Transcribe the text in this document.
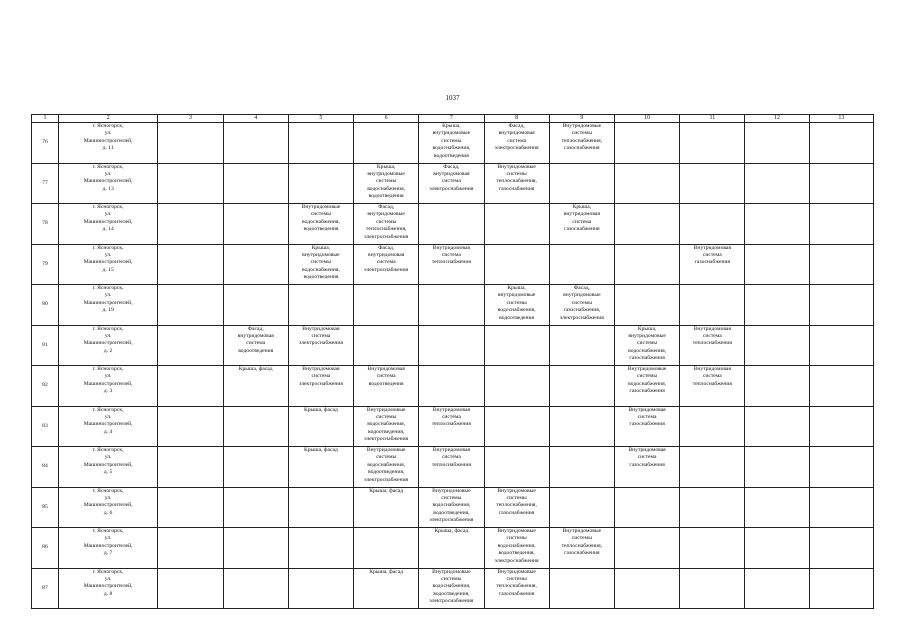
1037
1	2	3	4	5	6	7	8	9	10	11	12	13
76	г. Ясногорск,
ул.
Машиностроителей,
д. 11					Крыша,
внутридомовые
системы
водоснабжения,
водоотведения	Фасад,
внутридомовая
система
электроснабжения	Внутридомовые
системы
теплоснабжения,
газоснабжения				

77	г. Ясногорск,
ул.
Машиностроителей,
д. 13				Крыша,
внутридомовые
системы
водоснабжения,
водоотведения	Фасад,
внутридомовая
система
электроснабжения	Внутридомовые
системы
теплоснабжения,
газоснабжения					

78	г. Ясногорск,
ул.
Машиностроителей,
д. 14			Внутридомовые
системы
водоснабжения,
водоотведения	Фасад,
внутридомовые
системы
теплоснабжения,
электроснабжения			Крыша,
внутридомовая
система
газоснабжения				

79	г. Ясногорск,
ул.
Машиностроителей,
д. 15			Крыша,
внутридомовые
системы
водоснабжения,
водоотведения	Фасад,
внутридомовая
система
электроснабжения	Внутридомовая
система
теплоснабжения				Внутридомовая
система
газоснабжения		

80	г. Ясногорск,
ул.
Машиностроителей,
д. 19						Крыша,
внутридомовые
системы
водоснабжения,
водоотведения	Фасад,
внутридомовые
системы
газоснабжения,
электроснабжения				

81	г. Ясногорск,
ул.
Машиностроителей,
д. 2		Фасад,
внутридомовая
система
водоотведения	Внутридомовая
система
электроснабжения					Крыша,
внутридомовые
системы
водоснабжения,
газоснабжения	Внутридомовая
система
теплоснабжения		

82	г. Ясногорск,
ул.
Машиностроителей,
д. 3		Крыша, фасад	Внутридомовая
система
электроснабжения	Внутридомовая
система
водоотведения				Внутридомовые
системы
водоснабжения,
газоснабжения	Внутридомовая
система
теплоснабжения		

83	г. Ясногорск,
ул.
Машиностроителей,
д. 4			Крыша, фасад	Внутридомовые
системы
водоснабжения,
водоотведения,
электроснабжения	Внутридомовая
система
теплоснабжения			Внутридомовая
система
газоснабжения			

84	г. Ясногорск,
ул.
Машиностроителей,
д. 5			Крыша, фасад	Внутридомовые
системы
водоснабжения,
водоотведения,
электроснабжения	Внутридомовая
система
теплоснабжения			Внутридомовая
система
газоснабжения			

85	г. Ясногорск,
ул.
Машиностроителей,
д. 6				Крыша, фасад	Внутридомовые
системы
водоснабжения,
водоотведения,
электроснабжения	Внутридомовые
системы
теплоснабжения,
газоснабжения					

86	г. Ясногорск,
ул.
Машиностроителей,
д. 7					Крыша, фасад	Внутридомовые
системы
водоснабжения,
водоотведения,
электроснабжения	Внутридомовые
системы
теплоснабжения,
газоснабжения				

87	г. Ясногорск,
ул.
Машиностроителей,
д. 8				Крыша, фасад	Внутридомовые
системы
водоснабжения,
водоотведения,
электроснабжения	Внутридомовые
системы
теплоснабжения,
газоснабжения					
